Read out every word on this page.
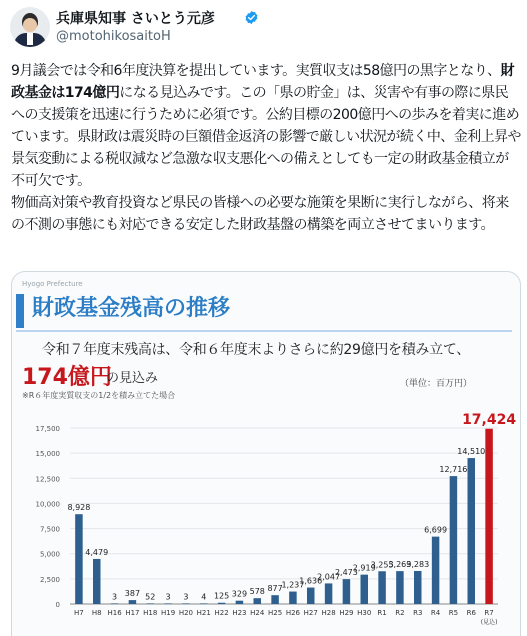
兵庫県知事 さいとう元彦
@motohikosaitoH

9月議会では令和6年度決算を提出しています。実質収支は58億円の黒字となり、財政基金は174億円になる見込みです。この「県の貯金」は、災害や有事の際に県民への支援策を迅速に行うために必須です。公約目標の200億円への歩みを着実に進めています。県財政は震災時の巨額借金返済の影響で厳しい状況が続く中、金利上昇や景気変動による税収減など急激な収支悪化への備えとしても一定の財政基金積立が不可欠です。

物価高対策や教育投資など県民の皆様への必要な施策を果断に実行しながら、将来の不測の事態にも対応できる安定した財政基盤の構築を両立させてまいります。

Hyogo Prefecture
財政基金残高の推移
令和７年度末残高は、令和６年度末よりさらに約29億円を積み立て、
174億円
の見込み
※R６年度実質収支の1/2を積み立てた場合
（単位：百万円）
0
2,500
5,000
7,500
10,000
12,500
15,000
17,500
8,928
H7
4,479
H8
3
H16
387
H17
52
H18
3
H19
3
H20
4
H21
125
H22
329
H23
578
H24
877
H25
1,237
H26
1,636
H27
2,047
H28
2,473
H29
2,919
H30
3,255
R1
3,269
R2
3,283
R3
6,699
R4
12,716
R5
14,510
R6
17,424
R7
(見込)
